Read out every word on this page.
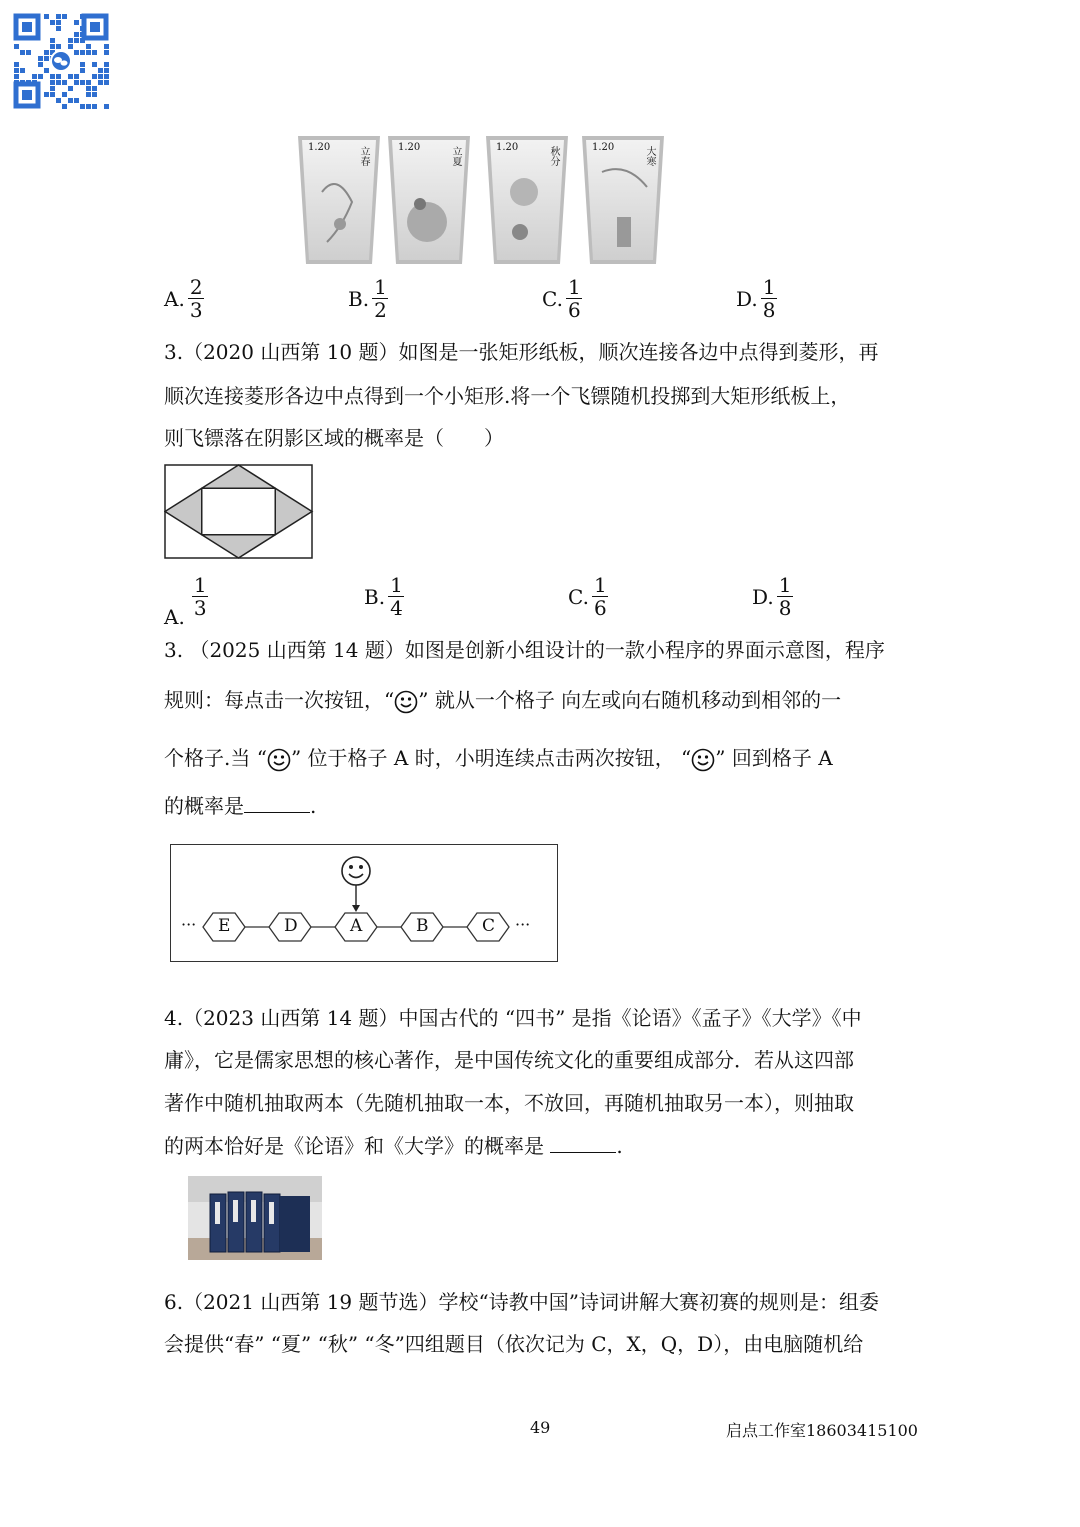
1.20	立春	1.20	立夏	1.20	秋分	1.20	大寒
A. $\frac{2}{3}$	B. $\frac{1}{2}$	C. $\frac{1}{6}$	D. $\frac{1}{8}$
3.（2020 山西第 10 题）如图是一张矩形纸板，顺次连接各边中点得到菱形，再
顺次连接菱形各边中点得到一个小矩形.将一个飞镖随机投掷到大矩形纸板上，
则飞镖落在阴影区域的概率是（　　）
A. $\frac{1}{3}$	B. $\frac{1}{4}$	C. $\frac{1}{6}$	D. $\frac{1}{8}$
3. （2025 山西第 14 题）如图是创新小组设计的一款小程序的界面示意图，程序
规则：每点击一次按钮，“ ” 就从一个格子 向左或向右随机移动到相邻的一
个格子.当 “ ” 位于格子 A 时，小明连续点击两次按钮， “ ” 回到格子 A
的概率是	.
··· E	D	A	B	C ···
4.（2023 山西第 14 题）中国古代的 “四书” 是指《论语》《孟子》《大学》《中
庸》，它是儒家思想的核心著作，是中国传统文化的重要组成部分．若从这四部
著作中随机抽取两本（先随机抽取一本，不放回，再随机抽取另一本），则抽取
的两本恰好是《论语》和《大学》的概率是	.
6.（2021 山西第 19 题节选）学校“诗教中国”诗词讲解大赛初赛的规则是：组委
会提供“春” “夏” “秋” “冬”四组题目（依次记为 C，X，Q，D），由电脑随机给
49	启点工作室18603415100
